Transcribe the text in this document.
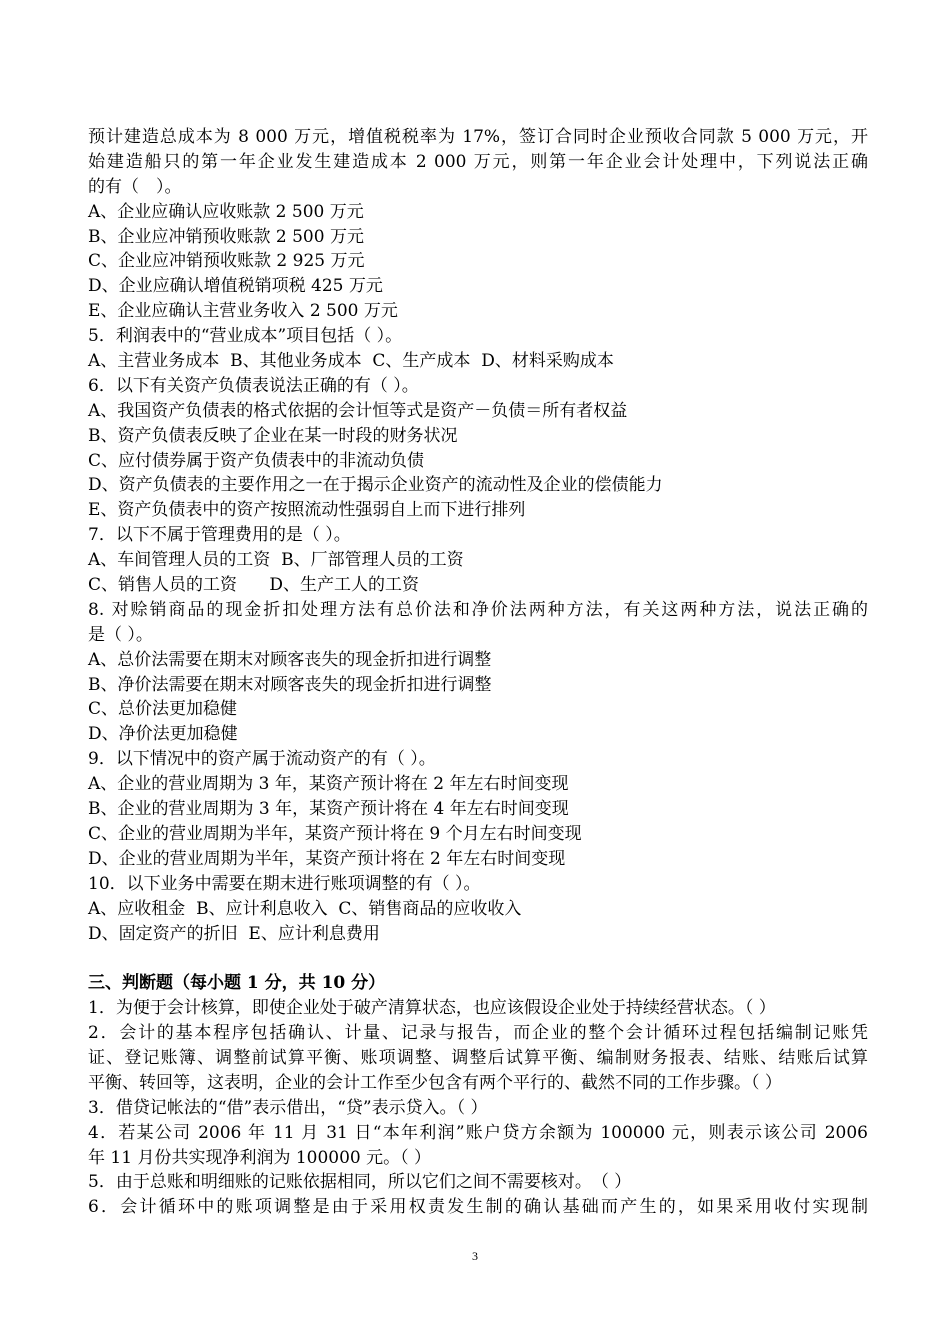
预计建造总成本为 8 000 万元，增值税税率为 17%，签订合同时企业预收合同款 5 000 万元，开
始建造船只的第一年企业发生建造成本 2 000 万元，则第一年企业会计处理中，下列说法正确
的有（　）。
A、企业应确认应收账款 2 500 万元
B、企业应冲销预收账款 2 500 万元
C、企业应冲销预收账款 2 925 万元
D、企业应确认增值税销项税 425 万元
E、企业应确认主营业务收入 2 500 万元
5．利润表中的“营业成本”项目包括（ ）。
A、主营业务成本  B、其他业务成本  C、生产成本  D、材料采购成本
6．以下有关资产负债表说法正确的有（ ）。
A、我国资产负债表的格式依据的会计恒等式是资产－负债＝所有者权益
B、资产负债表反映了企业在某一时段的财务状况
C、应付债券属于资产负债表中的非流动负债
D、资产负债表的主要作用之一在于揭示企业资产的流动性及企业的偿债能力
E、资产负债表中的资产按照流动性强弱自上而下进行排列
7．以下不属于管理费用的是（ ）。
A、车间管理人员的工资  B、厂部管理人员的工资
C、销售人员的工资      D、生产工人的工资
8. 对赊销商品的现金折扣处理方法有总价法和净价法两种方法，有关这两种方法，说法正确的
是（ ）。
A、总价法需要在期末对顾客丧失的现金折扣进行调整
B、净价法需要在期末对顾客丧失的现金折扣进行调整
C、总价法更加稳健
D、净价法更加稳健
9．以下情况中的资产属于流动资产的有（ ）。
A、企业的营业周期为 3 年，某资产预计将在 2 年左右时间变现
B、企业的营业周期为 3 年，某资产预计将在 4 年左右时间变现
C、企业的营业周期为半年，某资产预计将在 9 个月左右时间变现
D、企业的营业周期为半年，某资产预计将在 2 年左右时间变现
10．以下业务中需要在期末进行账项调整的有（ ）。
A、应收租金  B、应计利息收入  C、销售商品的应收收入
D、固定资产的折旧  E、应计利息费用
三、判断题（每小题 1 分，共 10 分）
1．为便于会计核算，即使企业处于破产清算状态，也应该假设企业处于持续经营状态。（ ）
2．会计的基本程序包括确认、计量、记录与报告，而企业的整个会计循环过程包括编制记账凭
证、登记账簿、调整前试算平衡、账项调整、调整后试算平衡、编制财务报表、结账、结账后试算
平衡、转回等，这表明，企业的会计工作至少包含有两个平行的、截然不同的工作步骤。（ ）
3．借贷记帐法的“借”表示借出，“贷”表示贷入。（ ）
4．若某公司 2006 年 11 月 31 日“本年利润”账户贷方余额为 100000 元，则表示该公司 2006
年 11 月份共实现净利润为 100000 元。（ ）
5．由于总账和明细账的记账依据相同，所以它们之间不需要核对。　（ ）
6．会计循环中的账项调整是由于采用权责发生制的确认基础而产生的，如果采用收付实现制
3
